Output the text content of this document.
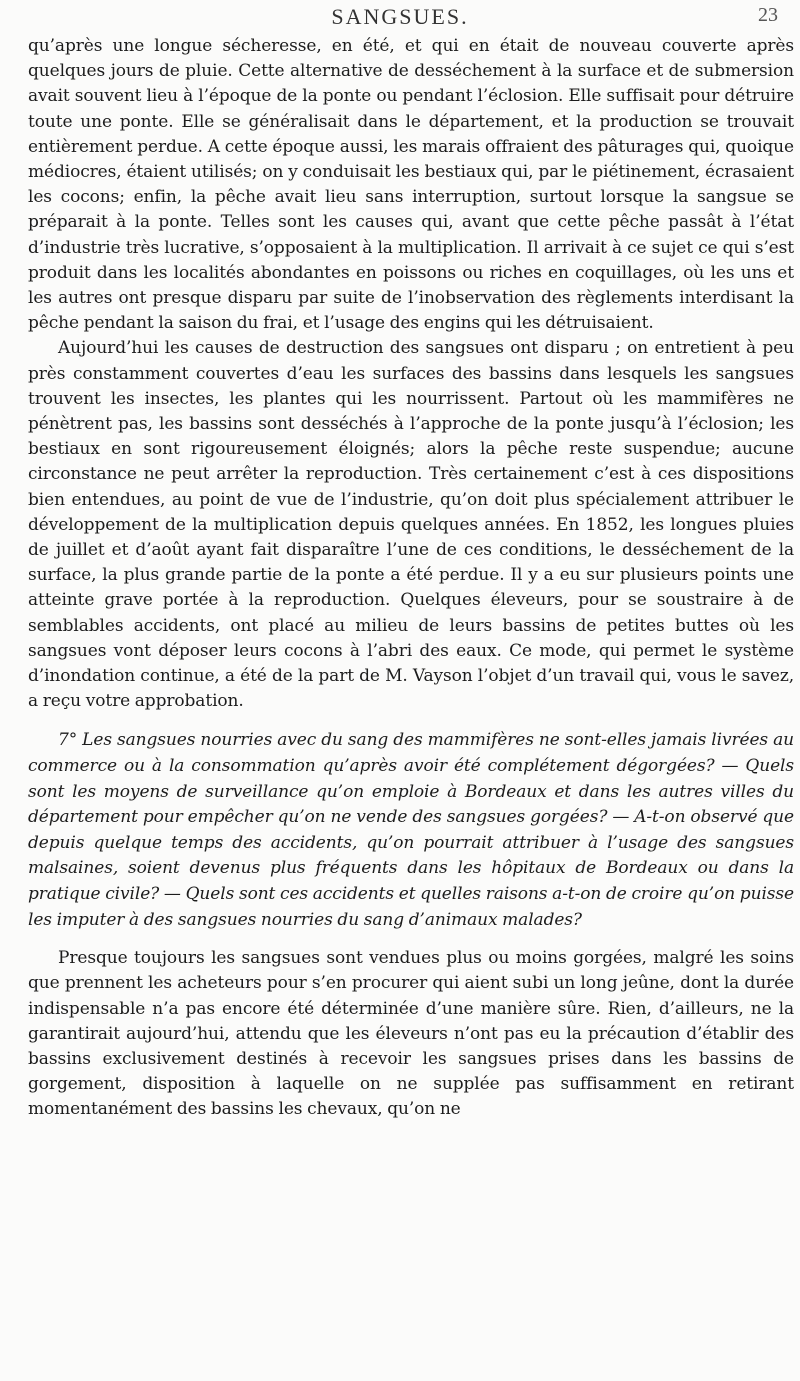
SANGSUES.	23

qu’après une longue sécheresse, en été, et qui en était de nouveau couverte après quelques jours de pluie. Cette alternative de desséchement à la surface et de submersion avait souvent lieu à l’époque de la ponte ou pendant l’éclosion. Elle suffisait pour détruire toute une ponte. Elle se généralisait dans le département, et la production se trouvait entièrement perdue. A cette époque aussi, les marais offraient des pâturages qui, quoique médiocres, étaient utilisés; on y conduisait les bestiaux qui, par le piétinement, écrasaient les cocons; enfin, la pêche avait lieu sans interruption, surtout lorsque la sangsue se préparait à la ponte. Telles sont les causes qui, avant que cette pêche passât à l’état d’industrie très lucrative, s’opposaient à la multiplication. Il arrivait à ce sujet ce qui s’est produit dans les localités abondantes en poissons ou riches en coquillages, où les uns et les autres ont presque disparu par suite de l’inobservation des règlements interdisant la pêche pendant la saison du frai, et l’usage des engins qui les détruisaient.

Aujourd’hui les causes de destruction des sangsues ont disparu ; on entretient à peu près constamment couvertes d’eau les surfaces des bassins dans lesquels les sangsues trouvent les insectes, les plantes qui les nourrissent. Partout où les mammifères ne pénètrent pas, les bassins sont desséchés à l’approche de la ponte jusqu’à l’éclosion; les bestiaux en sont rigoureusement éloignés; alors la pêche reste suspendue; aucune circonstance ne peut arrêter la reproduction. Très certainement c’est à ces dispositions bien entendues, au point de vue de l’industrie, qu’on doit plus spécialement attribuer le développement de la multiplication depuis quelques années. En 1852, les longues pluies de juillet et d’août ayant fait disparaître l’une de ces conditions, le desséchement de la surface, la plus grande partie de la ponte a été perdue. Il y a eu sur plusieurs points une atteinte grave portée à la reproduction. Quelques éleveurs, pour se soustraire à de semblables accidents, ont placé au milieu de leurs bassins de petites buttes où les sangsues vont déposer leurs cocons à l’abri des eaux. Ce mode, qui permet le système d’inondation continue, a été de la part de M. Vayson l’objet d’un travail qui, vous le savez, a reçu votre approbation.

7° Les sangsues nourries avec du sang des mammifères ne sont-elles jamais livrées au commerce ou à la consommation qu’après avoir été complétement dégorgées? — Quels sont les moyens de surveillance qu’on emploie à Bordeaux et dans les autres villes du département pour empêcher qu’on ne vende des sangsues gorgées? — A-t-on observé que depuis quelque temps des accidents, qu’on pourrait attribuer à l’usage des sangsues malsaines, soient devenus plus fréquents dans les hôpitaux de Bordeaux ou dans la pratique civile? — Quels sont ces accidents et quelles raisons a-t-on de croire qu’on puisse les imputer à des sangsues nourries du sang d’animaux malades?

Presque toujours les sangsues sont vendues plus ou moins gorgées, malgré les soins que prennent les acheteurs pour s’en procurer qui aient subi un long jeûne, dont la durée indispensable n’a pas encore été déterminée d’une manière sûre. Rien, d’ailleurs, ne la garantirait aujourd’hui, attendu que les éleveurs n’ont pas eu la précaution d’établir des bassins exclusivement destinés à recevoir les sangsues prises dans les bassins de gorgement, disposition à laquelle on ne supplée pas suffisamment en retirant momentanément des bassins les chevaux, qu’on ne
